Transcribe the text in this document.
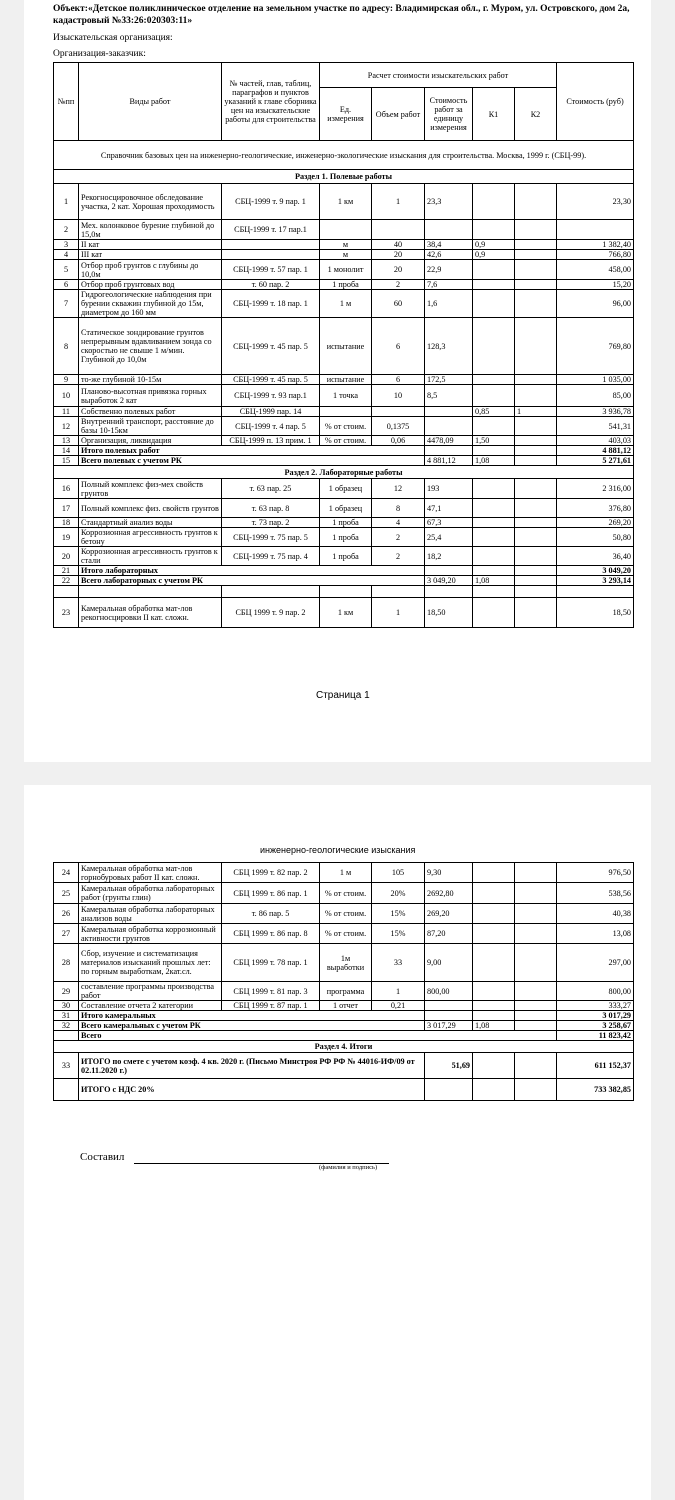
Объект:«Детское поликлиническое отделение на земельном участке по адресу: Владимирская обл., г. Муром, ул. Островского, дом 2а,
кадастровый №33:26:020303:11»
Изыскательская организация:
Организация-заказчик:
№пп	Виды работ	№ частей, глав, таблиц, параграфов и пунктов указаний к главе сборника цен на изыскательские работы для строительства	Расчет стоимости изыскательских работ					Стоимость (руб)
			Ед. измерения	Объем работ	Стоимость работ за единицу измерения	К1	К2	
Справочник базовых цен на инженерно-геологические, инженерно-экологические изыскания для строительства. Москва, 1999 г. (СБЦ-99).								
Раздел 1. Полевые работы								
1	Рекогносцировочное обследование участка, 2 кат. Хорошая проходимость	СБЦ-1999 т. 9 пар. 1	1 км	1	23,3			23,30
2	Мех. колонковое бурение глубиной до 15,0м	СБЦ-1999 т. 17 пар.1						
3	II кат		м	40	38,4	0,9		1 382,40
4	III кат		м	20	42,6	0,9		766,80
5	Отбор проб грунтов с глубины до 10,0м	СБЦ-1999 т. 57 пар. 1	1 монолит	20	22,9			458,00
6	Отбор проб грунтовых вод	т. 60 пар. 2	1 проба	2	7,6			15,20
7	Гидрогеологические наблюдения при бурении скважин глубиной до 15м, диаметром до 160 мм	СБЦ-1999 т. 18 пар. 1	1 м	60	1,6			96,00
8	Статическое зондирование грунтов непрерывным вдавливанием зонда со скоростью не свыше 1 м/мин. Глубиной до 10,0м	СБЦ-1999 т. 45 пар. 5	испытание	6	128,3			769,80
9	то-же глубиной 10-15м	СБЦ-1999 т. 45 пар. 5	испытание	6	172,5			1 035,00
10	Планово-высотная привязка горных выработок 2 кат	СБЦ-1999 т. 93 пар.1	1 точка	10	8,5			85,00
11	Собственно полевых работ	СБЦ-1999 пар. 14				0,85	1	3 936,78
12	Внутренний транспорт, расстояние до базы 10-15км	СБЦ-1999 т. 4 пар. 5	% от стоим.	0,1375				541,31
13	Организация, ликвидация	СБЦ-1999 п. 13 прим. 1	% от стоим.	0,06	4478,09	1,50		403,03
14	Итого полевых работ							4 881,12
15	Всего полевых с учетом РК				4 881,12	1,08		5 271,61
Раздел 2. Лабораторные работы								
16	Полный комплекс физ-мех свойств грунтов	т. 63 пар. 25	1 образец	12	193			2 316,00
17	Полный комплекс физ. свойств грунтов	т. 63 пар. 8	1 образец	8	47,1			376,80
18	Стандартный анализ воды	т. 73 пар. 2	1 проба	4	67,3			269,20
19	Коррозионная агрессивность грунтов к бетону	СБЦ-1999 т. 75 пар. 5	1 проба	2	25,4			50,80
20	Коррозионная агрессивность грунтов к стали	СБЦ-1999 т. 75 пар. 4	1 проба	2	18,2			36,40
21	Итого лабораторных							3 049,20
22	Всего лабораторных с учетом РК				3 049,20	1,08		3 293,14

23	Камеральная обработка мат-лов рекогносцировки II кат. сложн.	СБЦ 1999 т. 9 пар. 2	1 км	1	18,50			18,50
Страница 1
инженерно-геологические изыскания
24	Камеральная обработка мат-лов горнобуровых работ II кат. сложн.	СБЦ 1999 т. 82 пар. 2	1 м	105	9,30			976,50
25	Камеральная обработка лабораторных работ (грунты глин)	СБЦ 1999 т. 86 пар. 1	% от стоим.	20%	2692,80			538,56
26	Камеральная обработка лабораторных анализов воды	т. 86 пар. 5	% от стоим.	15%	269,20			40,38
27	Камеральная обработка коррозионный активности грунтов	СБЦ 1999 т. 86 пар. 8	% от стоим.	15%	87,20			13,08
28	Сбор, изучение и систематизация материалов изысканий прошлых лет: по горным выработкам, 2кат.сл.	СБЦ 1999 т. 78 пар. 1	1м выработки	33	9,00			297,00
29	составление программы производства работ	СБЦ 1999 т. 81 пар. 3	программа	1	800,00			800,00
30	Составление отчета 2 категории	СБЦ 1999 т. 87 пар. 1	1 отчет	0,21				333,27
31	Итого камеральных							3 017,29
32	Всего камеральных с учетом РК				3 017,29	1,08		3 258,67
	Всего							11 823,42
Раздел 4. Итоги								
33	ИТОГО по смете с учетом коэф. 4 кв. 2020 г. (Письмо Минстроя РФ РФ № 44016-ИФ/09 от 02.11.2020 г.)				51,69			611 152,37
	ИТОГО с НДС 20%							733 382,85
Составил
(фамилия и подпись)
